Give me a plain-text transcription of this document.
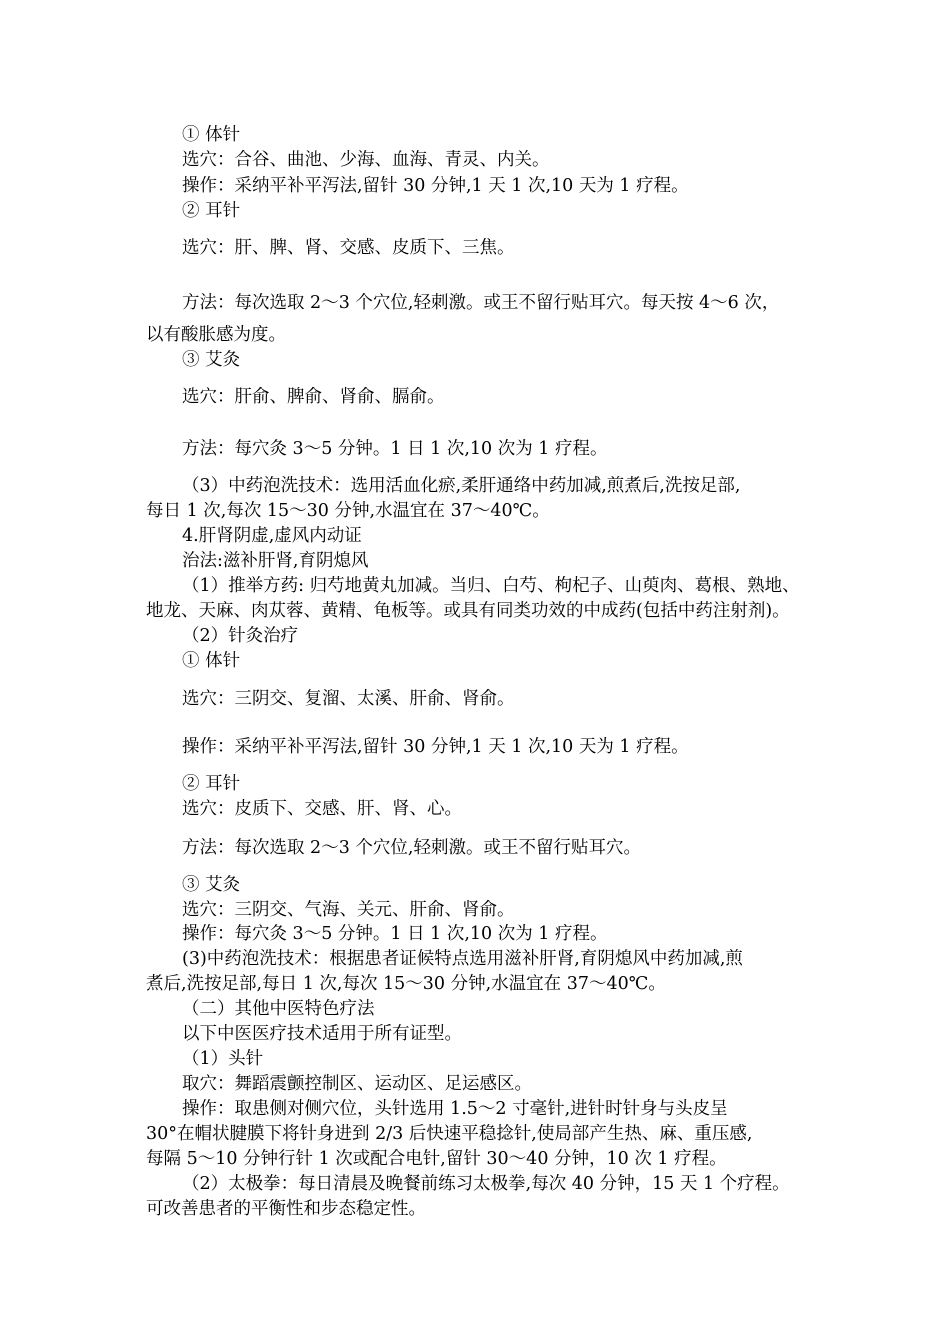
① 体针
选穴：合谷、曲池、少海、血海、青灵、内关。
操作：采纳平补平泻法,留针 30 分钟,1 天 1 次,10 天为 1 疗程。
② 耳针
选穴：肝、脾、肾、交感、皮质下、三焦。
方法：每次选取 2～3 个穴位,轻刺激。或王不留行贴耳穴。每天按 4～6 次，
以有酸胀感为度。
③ 艾灸
选穴：肝俞、脾俞、肾俞、膈俞。
方法：每穴灸 3～5 分钟。1 日 1 次,10 次为 1 疗程。
（3）中药泡洗技术：选用活血化瘀,柔肝通络中药加减,煎煮后,洗按足部,
每日 1 次,每次 15～30 分钟,水温宜在 37～40℃。
4.肝肾阴虚,虚风内动证
治法:滋补肝肾,育阴熄风
（1）推举方药: 归芍地黄丸加减。当归、白芍、枸杞子、山萸肉、葛根、熟地、
地龙、天麻、肉苁蓉、黄精、龟板等。或具有同类功效的中成药(包括中药注射剂)。
（2）针灸治疗
① 体针
选穴：三阴交、复溜、太溪、肝俞、肾俞。
操作：采纳平补平泻法,留针 30 分钟,1 天 1 次,10 天为 1 疗程。
② 耳针
选穴：皮质下、交感、肝、肾、心。
方法：每次选取 2～3 个穴位,轻刺激。或王不留行贴耳穴。
③ 艾灸
选穴：三阴交、气海、关元、肝俞、肾俞。
操作：每穴灸 3～5 分钟。1 日 1 次,10 次为 1 疗程。
(3)中药泡洗技术：根据患者证候特点选用滋补肝肾,育阴熄风中药加减,煎
煮后,洗按足部,每日 1 次,每次 15～30 分钟,水温宜在 37～40℃。
（二）其他中医特色疗法
以下中医医疗技术适用于所有证型。
（1）头针
取穴：舞蹈震颤控制区、运动区、足运感区。
操作：取患侧对侧穴位，头针选用 1.5～2 寸毫针,进针时针身与头皮呈
30°在帽状腱膜下将针身进到 2/3 后快速平稳捻针,使局部产生热、麻、重压感,
每隔 5～10 分钟行针 1 次或配合电针,留针 30～40 分钟，10 次 1 疗程。
（2）太极拳：每日清晨及晚餐前练习太极拳,每次 40 分钟，15 天 1 个疗程。
可改善患者的平衡性和步态稳定性。
